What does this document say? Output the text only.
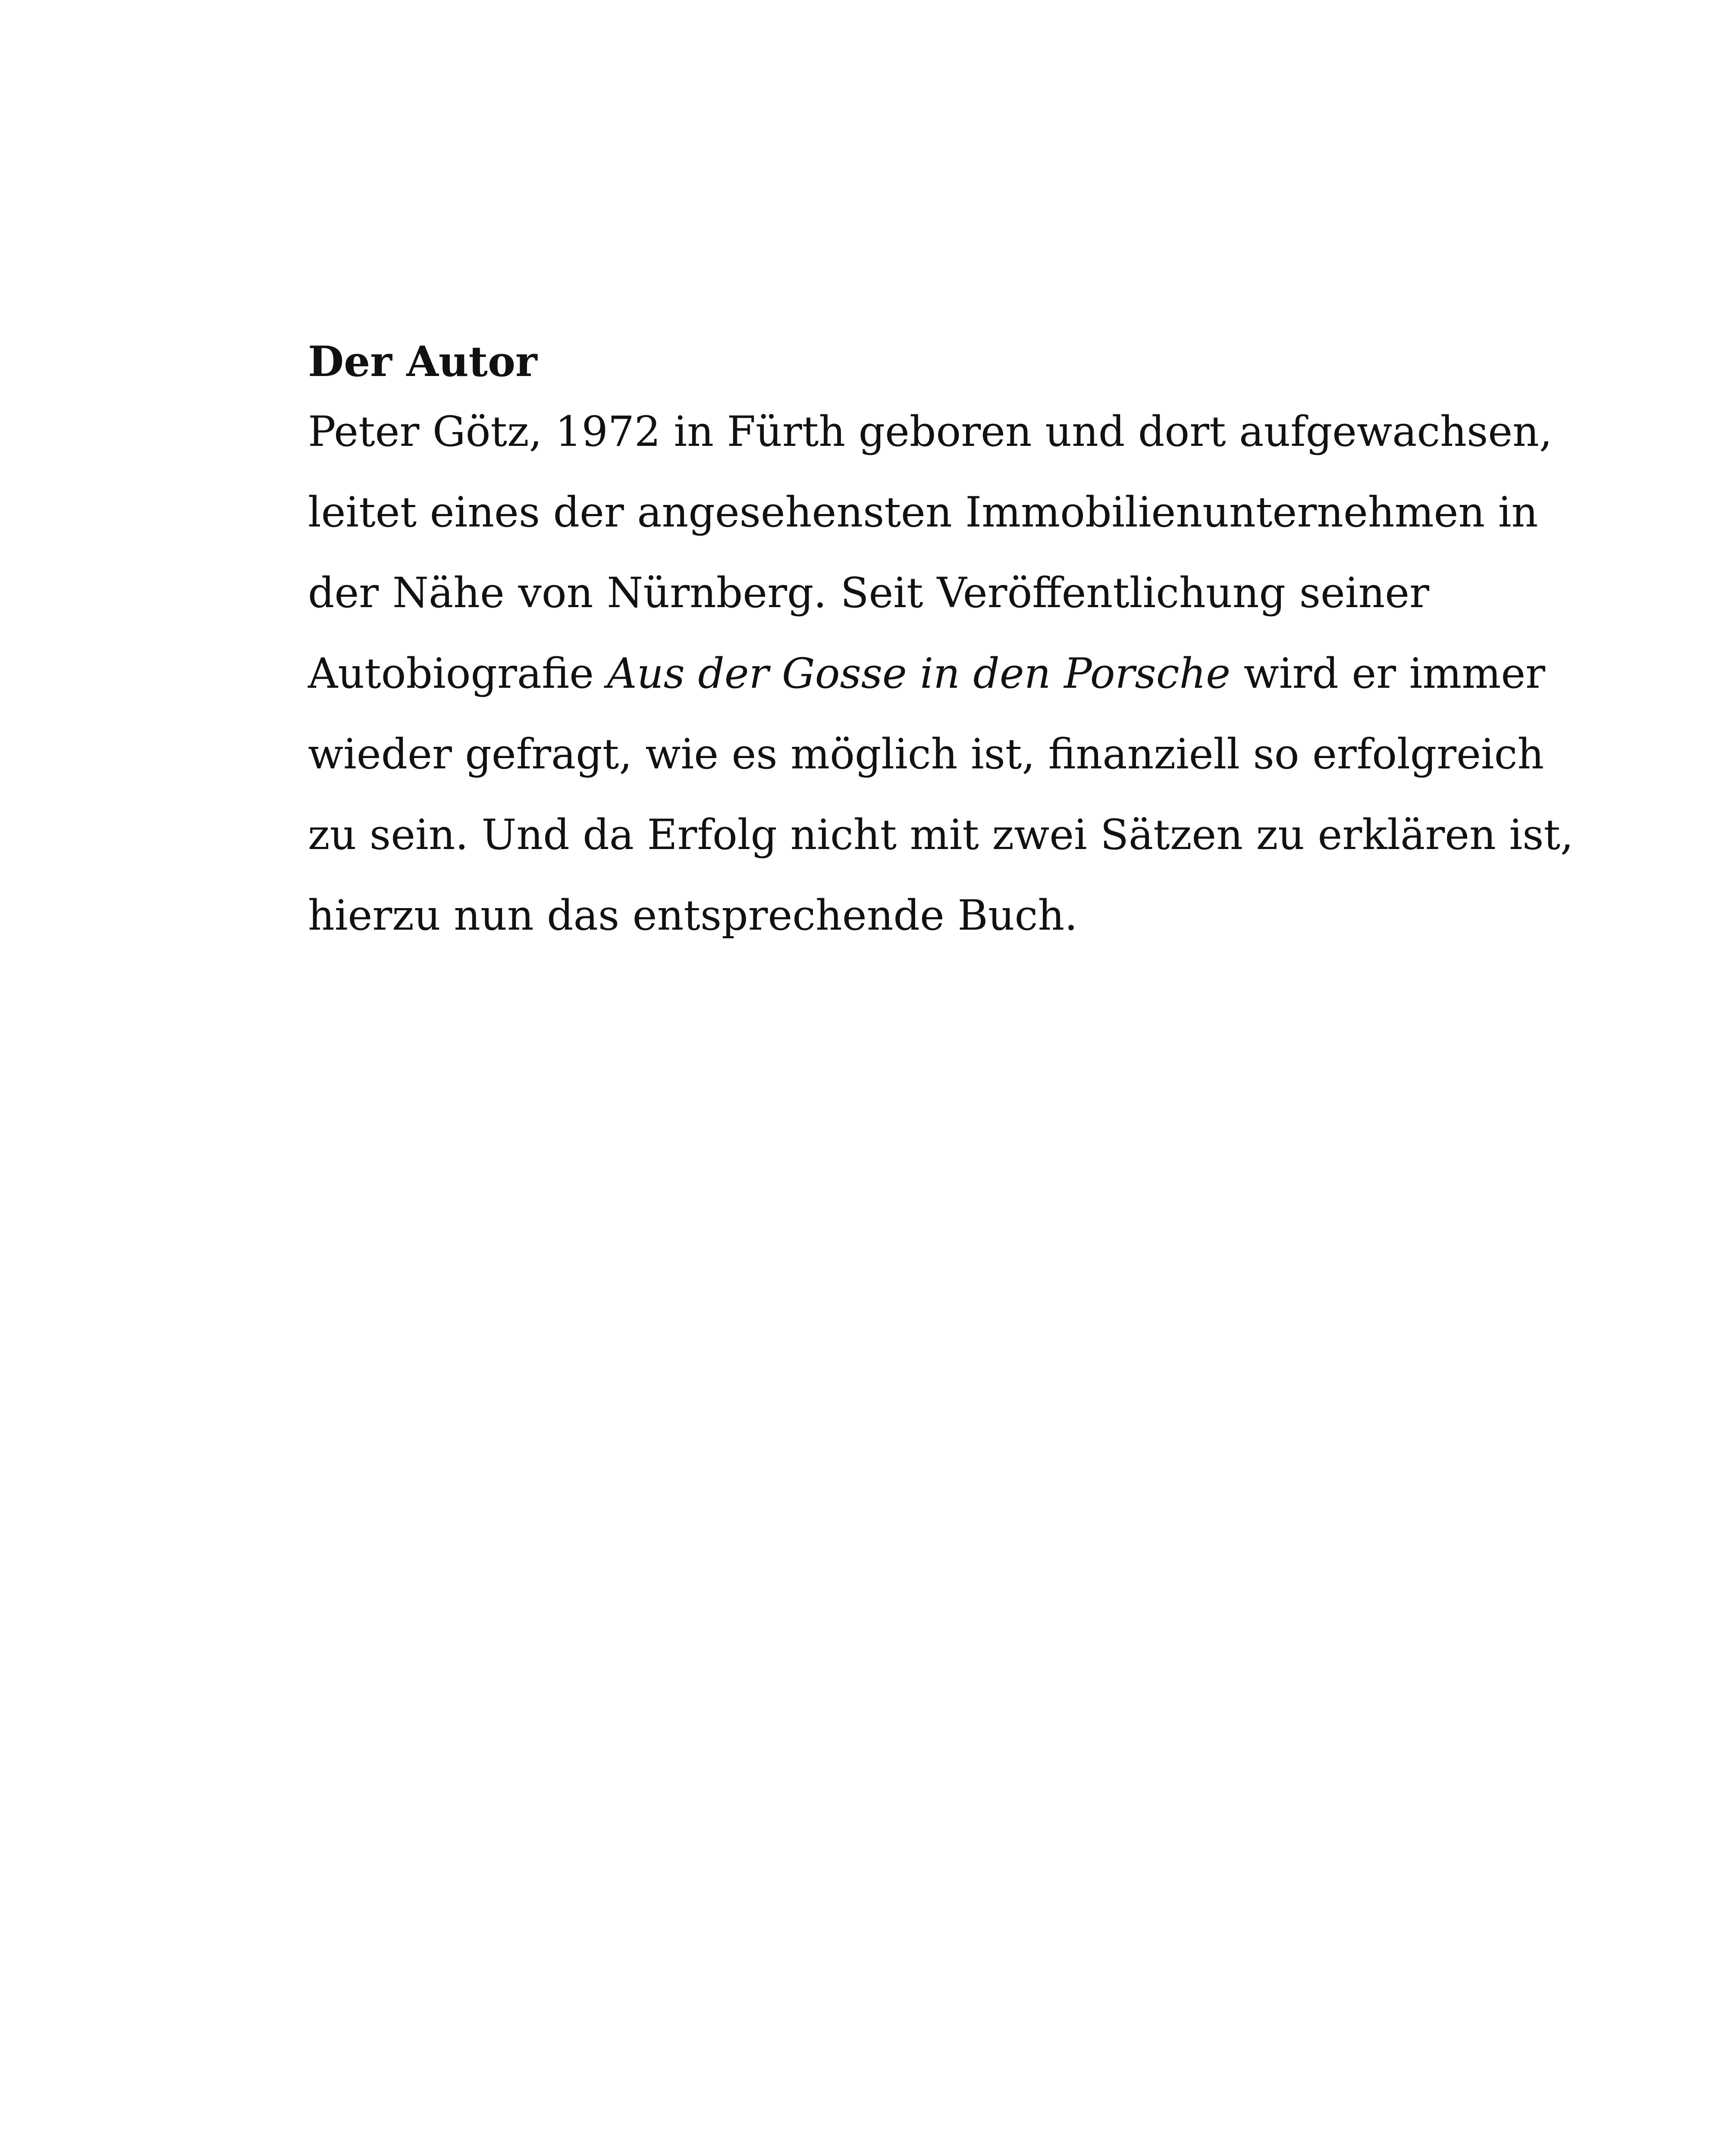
Der Autor
Peter Götz, 1972 in Fürth geboren und dort aufgewachsen,
leitet eines der angesehensten Immobilienunternehmen in
der Nähe von Nürnberg. Seit Veröffentlichung seiner
Autobiografie Aus der Gosse in den Porsche wird er immer
wieder gefragt, wie es möglich ist, finanziell so erfolgreich
zu sein. Und da Erfolg nicht mit zwei Sätzen zu erklären ist,
hierzu nun das entsprechende Buch.
